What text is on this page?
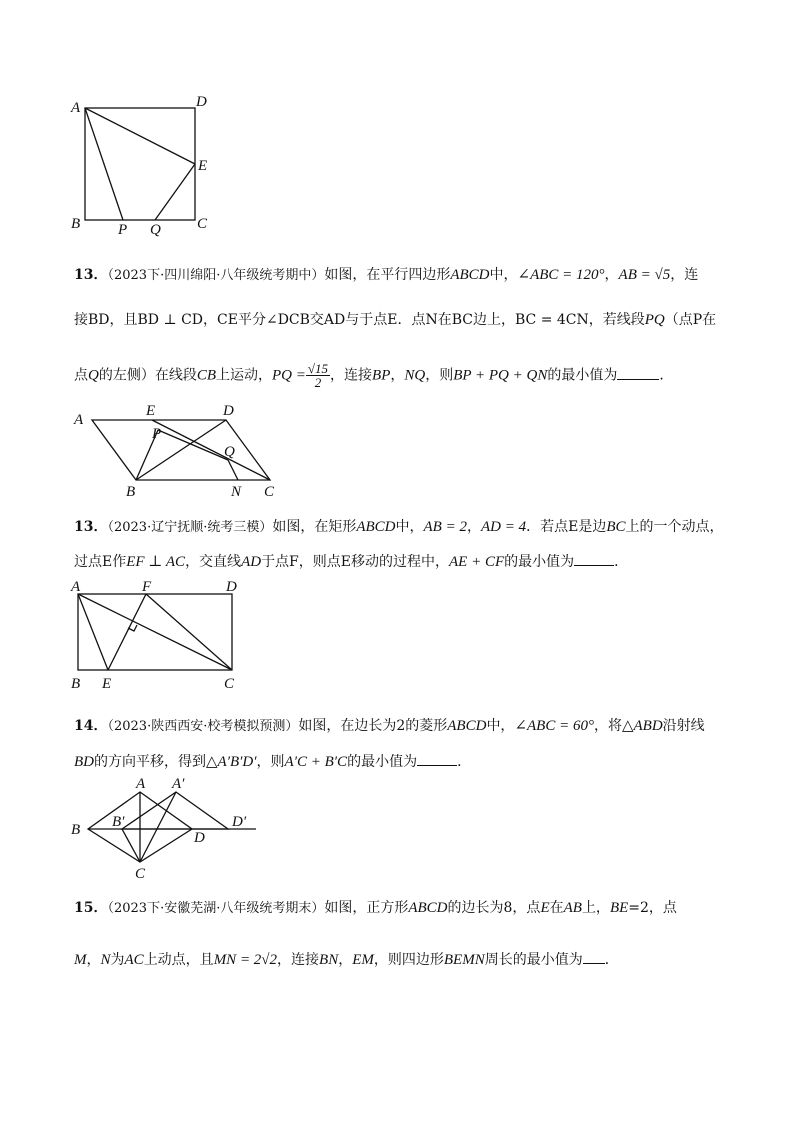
A	D
E
B	P Q C
13．（2023下·四川绵阳·八年级统考期中）如图，在平行四边形ABCD中，∠ABC = 120°，AB = √5，连
接BD，且BD ⊥ CD，CE平分∠DCB交AD与于点E．点N在BC边上，BC = 4CN，若线段PQ（点P在
点Q的左侧）在线段CB上运动，PQ = $\frac{√15}{2}$ ，连接BP，NQ，则BP + PQ + QN的最小值为	．
A
E	D
P
Q
B	N C
13．（2023·辽宁抚顺·统考三模）如图，在矩形ABCD中，AB = 2，AD = 4．若点E是边BC上的一个动点，
过点E作EF ⊥ AC，交直线AD于点F，则点E移动的过程中，AE + CF的最小值为	．
A	F	D
B E	C
14．（2023·陕西西安·校考模拟预测）如图，在边长为2的菱形ABCD中，∠ABC = 60°，将△ABD沿射线
BD的方向平移，得到△A′B′D′，则A′C + B′C的最小值为	．
A A′
B B′
D
D′
C
15．（2023下·安徽芜湖·八年级统考期末）如图，正方形ABCD的边长为8，点E在AB上，BE=2，点
M，N为AC上动点，且MN = 2√2，连接BN，EM，则四边形BEMN周长的最小值为 ．
